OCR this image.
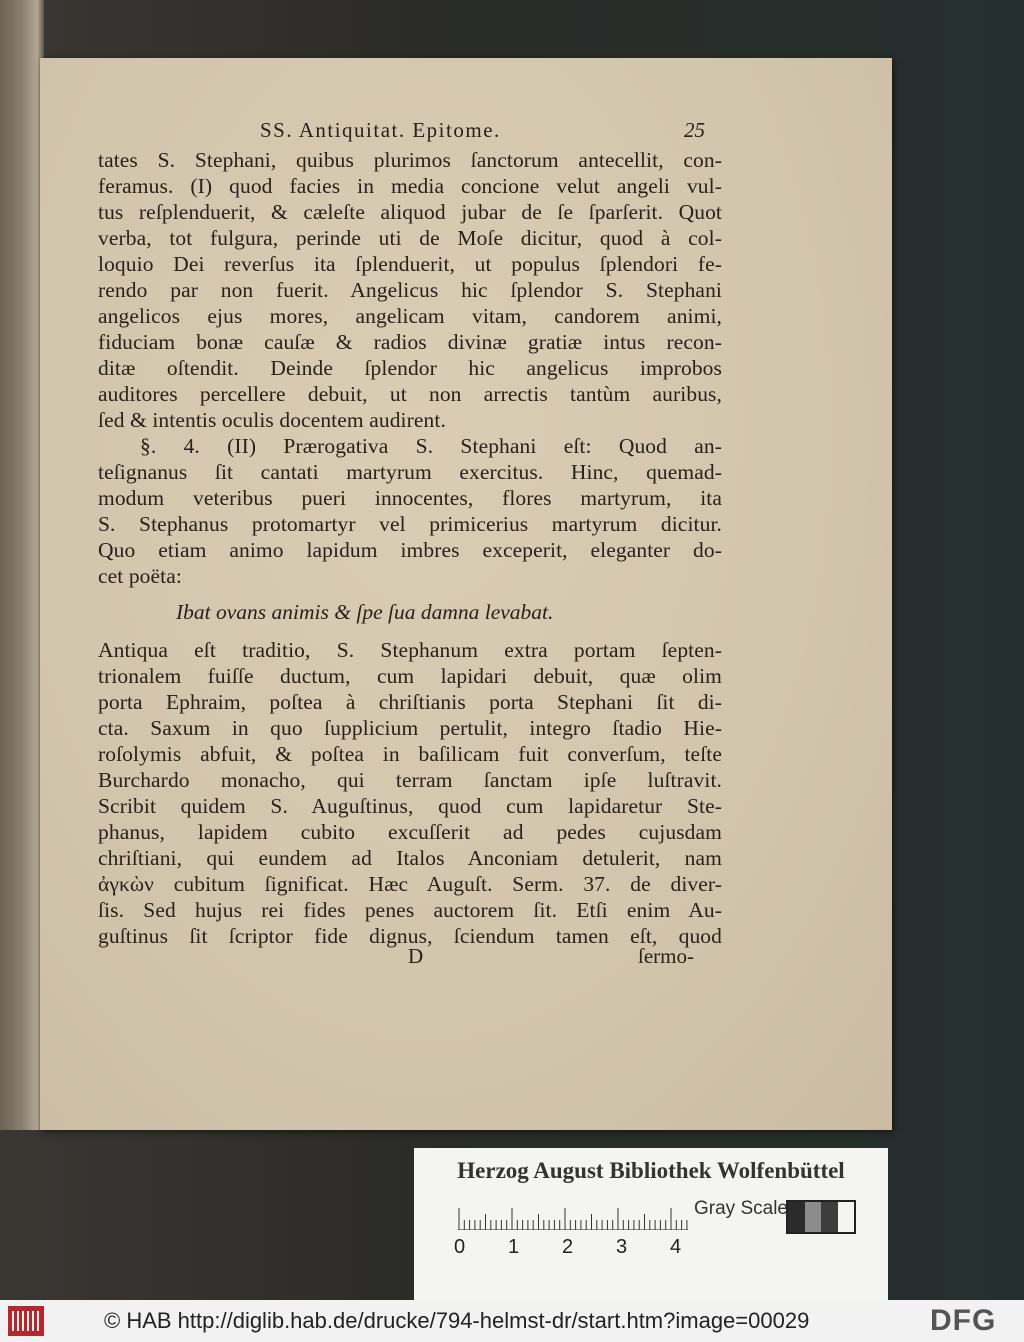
SS. Antiquitat. Epitome.	25
tates S. Stephani, quibus plurimos ſanctorum antecellit, con-
feramus. (I) quod facies in media concione velut angeli vul-
tus reſplenduerit, & cæleſte aliquod jubar de ſe ſparſerit. Quot
verba, tot fulgura, perinde uti de Moſe dicitur, quod à col-
loquio Dei reverſus ita ſplenduerit, ut populus ſplendori fe-
rendo par non fuerit. Angelicus hic ſplendor S. Stephani
angelicos ejus mores, angelicam vitam, candorem animi,
fiduciam bonæ cauſæ & radios divinæ gratiæ intus recon-
ditæ oſtendit. Deinde ſplendor hic angelicus improbos
auditores percellere debuit, ut non arrectis tantùm auribus,
ſed & intentis oculis docentem audirent.
§. 4. (II) Prærogativa S. Stephani eſt: Quod an-
teſignanus ſit cantati martyrum exercitus. Hinc, quemad-
modum veteribus pueri innocentes, flores martyrum, ita
S. Stephanus protomartyr vel primicerius martyrum dicitur.
Quo etiam animo lapidum imbres exceperit, eleganter do-
cet poëta:
Ibat ovans animis & ſpe ſua damna levabat.
Antiqua eſt traditio, S. Stephanum extra portam ſepten-
trionalem fuiſſe ductum, cum lapidari debuit, quæ olim
porta Ephraim, poſtea à chriſtianis porta Stephani ſit di-
cta. Saxum in quo ſupplicium pertulit, integro ſtadio Hie-
roſolymis abfuit, & poſtea in baſilicam fuit converſum, teſte
Burchardo monacho, qui terram ſanctam ipſe luſtravit.
Scribit quidem S. Auguſtinus, quod cum lapidaretur Ste-
phanus, lapidem cubito excuſſerit ad pedes cujusdam
chriſtiani, qui eundem ad Italos Anconiam detulerit, nam
ἀγκὼν cubitum ſignificat. Hæc Auguſt. Serm. 37. de diver-
ſis. Sed hujus rei fides penes auctorem ſit. Etſi enim Au-
guſtinus ſit ſcriptor fide dignus, ſciendum tamen eſt, quod
D	ſermo-
Herzog August Bibliothek Wolfenbüttel
0 1 2 3 4
Gray Scale
© HAB http://diglib.hab.de/drucke/794-helmst-dr/start.htm?image=00029	DFG
